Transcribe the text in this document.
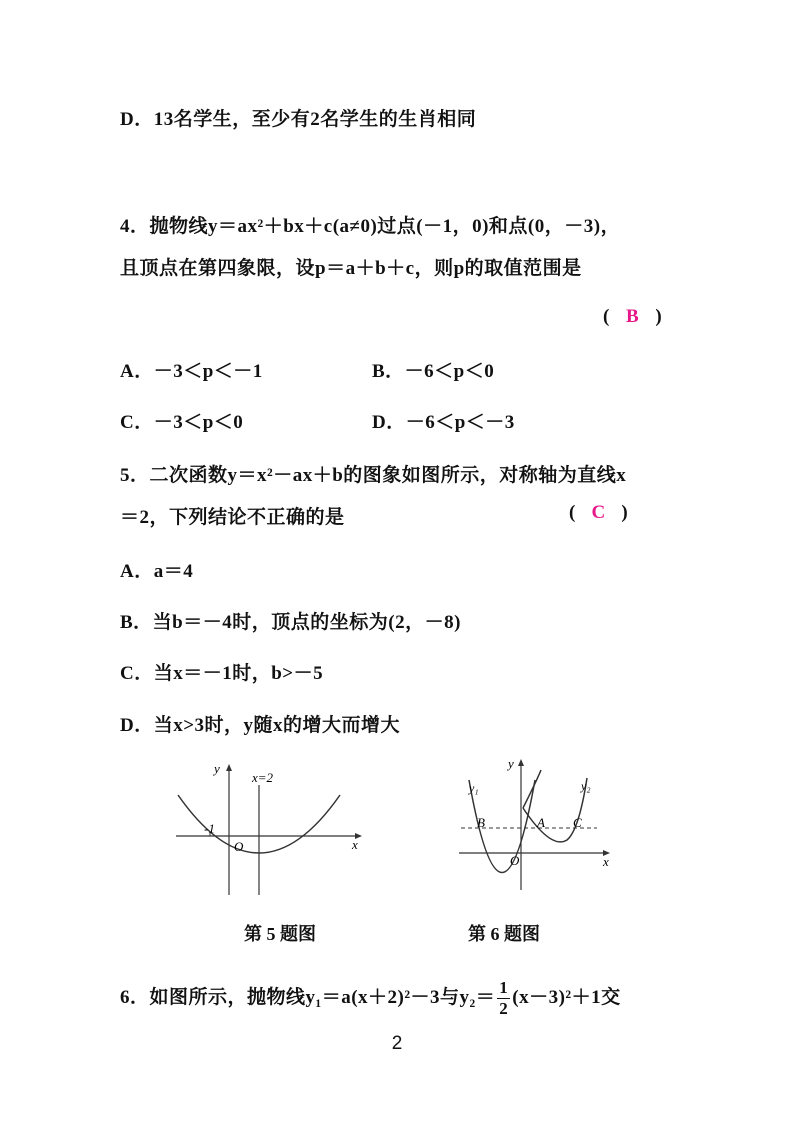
D．13名学生，至少有2名学生的生肖相同
4．抛物线y＝ax²＋bx＋c(a≠0)过点(－1，0)和点(0，－3)，
且顶点在第四象限，设p＝a＋b＋c，则p的取值范围是
( B )
A．－3＜p＜－1	B．－6＜p＜0
C．－3＜p＜0	D．－6＜p＜－3
5．二次函数y＝x²－ax＋b的图象如图所示，对称轴为直线x
＝2，下列结论不正确的是	( C )
A．a＝4
B．当b＝－4时，顶点的坐标为(2，－8)
C．当x＝－1时，b>－5
D．当x>3时，y随x的增大而增大
y
x=2
-1
O	x
第 5 题图
y
y₁	y₂
B	A C
O	x
第 6 题图
6．如图所示，抛物线y₁＝a(x＋2)²－3与$y_2= \frac{1}{2} (x-3)^2+1$交
2
